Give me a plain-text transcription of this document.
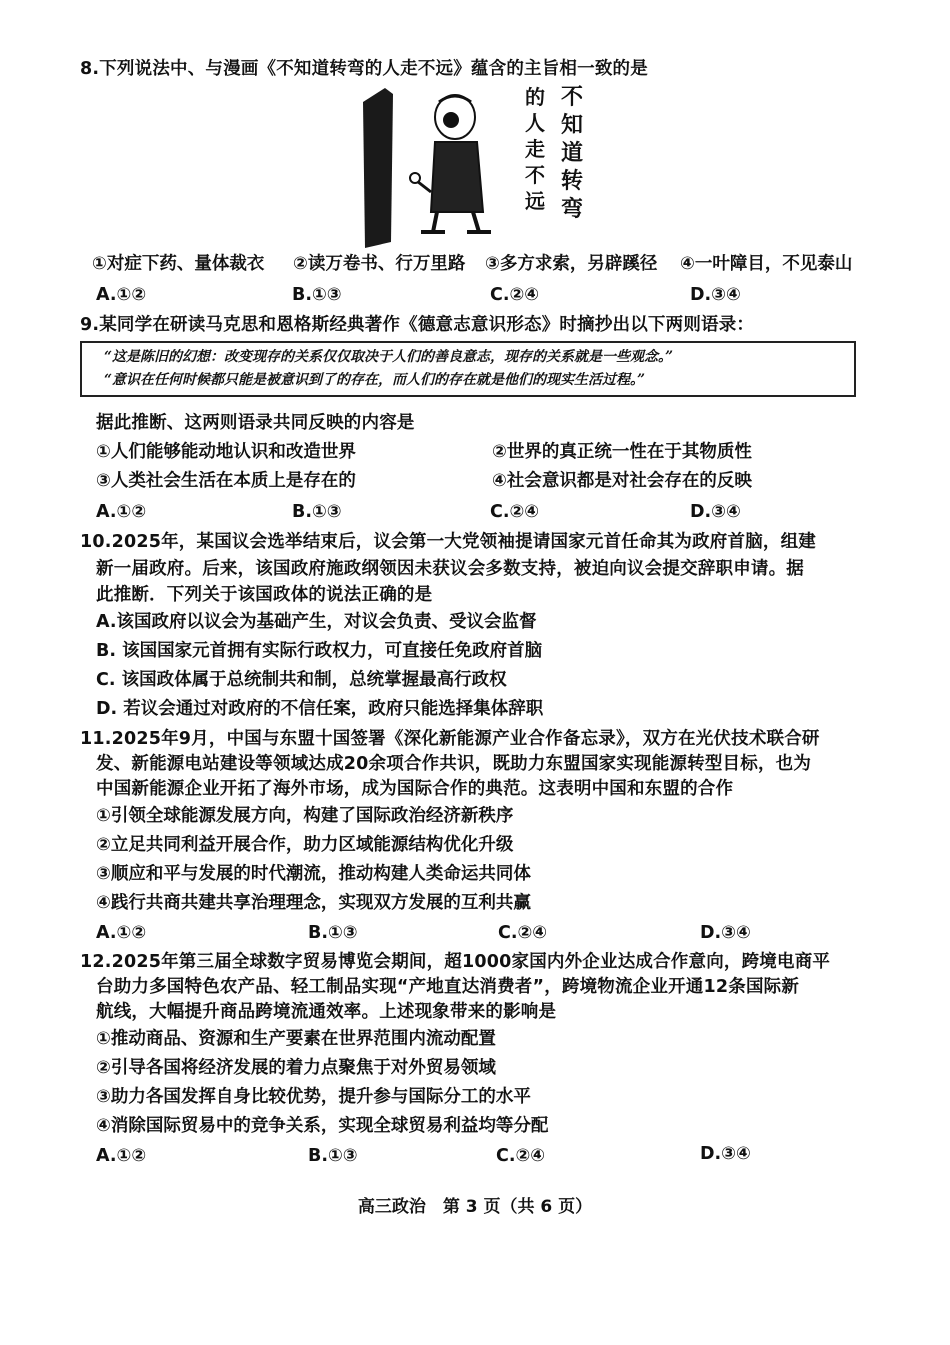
8.下列说法中、与漫画《不知道转弯的人走不远》蕴含的主旨相一致的是
不知道转弯
的人走不远
①对症下药、量体裁衣 ②读万卷书、行万里路 ③多方求索，另辟蹊径 ④一叶障目，不见泰山
A.①②	B.①③	C.②④	D.③④
9.某同学在研读马克思和恩格斯经典著作《德意志意识形态》时摘抄出以下两则语录：
“这是陈旧的幻想：改变现存的关系仅仅取决于人们的善良意志，现存的关系就是一些观念。”
“意识在任何时候都只能是被意识到了的存在，而人们的存在就是他们的现实生活过程。”
据此推断、这两则语录共同反映的内容是
①人们能够能动地认识和改造世界	②世界的真正统一性在于其物质性
③人类社会生活在本质上是存在的	④社会意识都是对社会存在的反映
A.①②	B.①③	C.②④	D.③④
10.2025年，某国议会选举结束后，议会第一大党领袖提请国家元首任命其为政府首脑，组建
新一届政府。后来，该国政府施政纲领因未获议会多数支持，被迫向议会提交辞职申请。据
此推断．下列关于该国政体的说法正确的是
A.该国政府以议会为基础产生，对议会负责、受议会监督
B. 该国国家元首拥有实际行政权力，可直接任免政府首脑
C. 该国政体属于总统制共和制，总统掌握最高行政权
D. 若议会通过对政府的不信任案，政府只能选择集体辞职
11.2025年9月，中国与东盟十国签署《深化新能源产业合作备忘录》，双方在光伏技术联合研
发、新能源电站建设等领域达成20余项合作共识，既助力东盟国家实现能源转型目标，也为
中国新能源企业开拓了海外市场，成为国际合作的典范。这表明中国和东盟的合作
①引领全球能源发展方向，构建了国际政治经济新秩序
②立足共同利益开展合作，助力区域能源结构优化升级
③顺应和平与发展的时代潮流，推动构建人类命运共同体
④践行共商共建共享治理理念，实现双方发展的互利共赢
A.①②	B.①③	C.②④	D.③④
12.2025年第三届全球数字贸易博览会期间，超1000家国内外企业达成合作意向，跨境电商平
台助力多国特色农产品、轻工制品实现“产地直达消费者”，跨境物流企业开通12条国际新
航线，大幅提升商品跨境流通效率。上述现象带来的影响是
①推动商品、资源和生产要素在世界范围内流动配置
②引导各国将经济发展的着力点聚焦于对外贸易领域
③助力各国发挥自身比较优势，提升参与国际分工的水平
④消除国际贸易中的竞争关系，实现全球贸易利益均等分配
A.①②	B.①③	C.②④	D.③④
高三政治　第 3 页（共 6 页）
